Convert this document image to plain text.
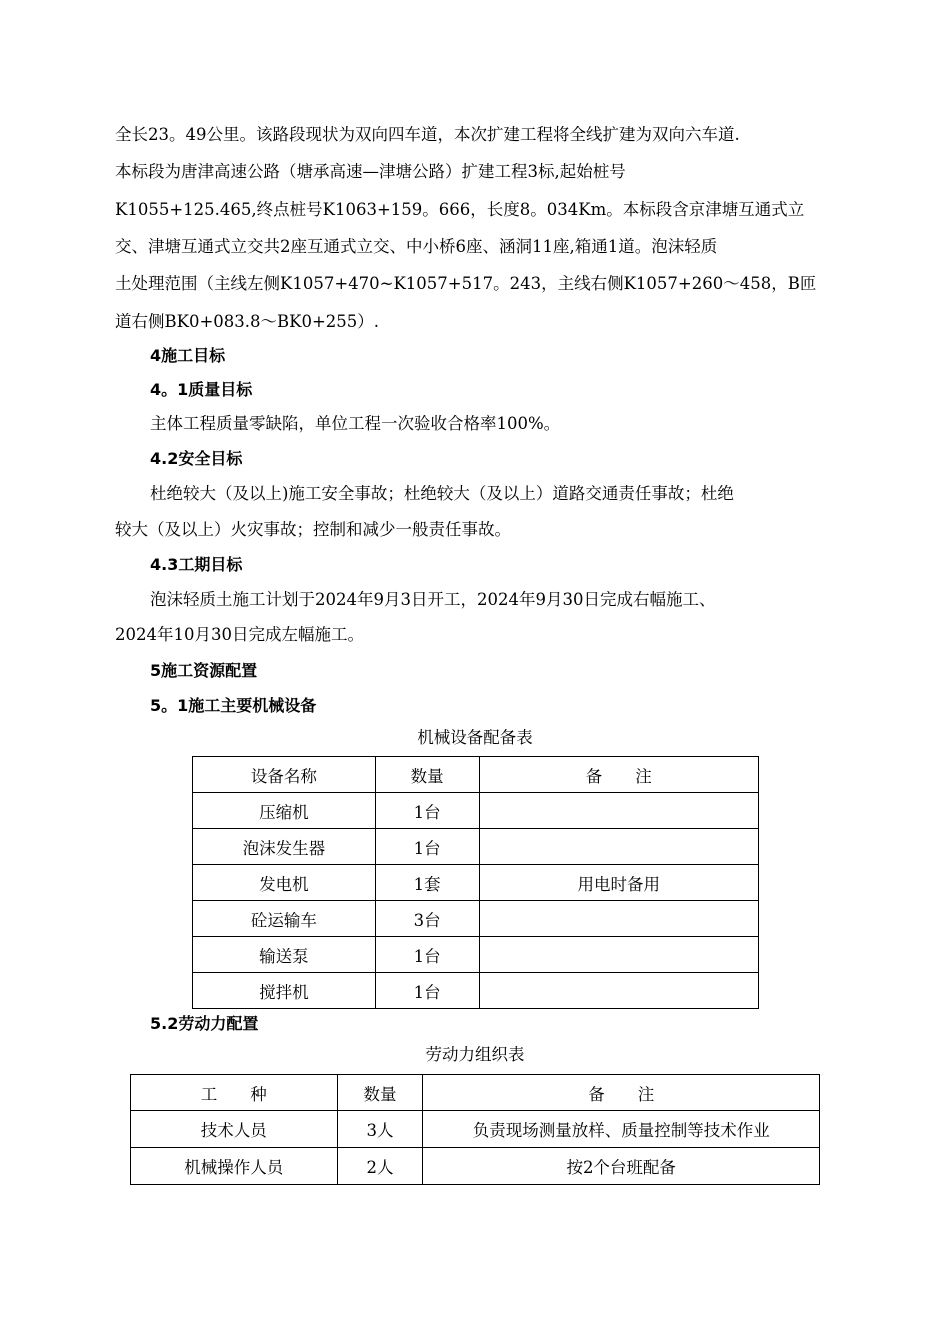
全长23。49公里。该路段现状为双向四车道，本次扩建工程将全线扩建为双向六车道.
本标段为唐津高速公路（塘承高速—津塘公路）扩建工程3标,起始桩号
K1055+125.465,终点桩号K1063+159。666，长度8。034Km。本标段含京津塘互通式立
交、津塘互通式立交共2座互通式立交、中小桥6座、涵洞11座,箱通1道。泡沫轻质
土处理范围（主线左侧K1057+470~K1057+517。243，主线右侧K1057+260～458，B匝
道右侧BK0+083.8～BK0+255）.
4施工目标
4。1质量目标
主体工程质量零缺陷，单位工程一次验收合格率100%。
4.2安全目标
杜绝较大（及以上)施工安全事故；杜绝较大（及以上）道路交通责任事故；杜绝
较大（及以上）火灾事故；控制和减少一般责任事故。
4.3工期目标
泡沫轻质土施工计划于2024年9月3日开工，2024年9月30日完成右幅施工、
2024年10月30日完成左幅施工。
5施工资源配置
5。1施工主要机械设备
机械设备配备表
设备名称	数量	备　　注
压缩机	1台	
泡沫发生器	1台	
发电机	1套	用电时备用
砼运输车	3台	
输送泵	1台	
搅拌机	1台	
5.2劳动力配置
劳动力组织表
工　　种	数量	备　　注
技术人员	3人	负责现场测量放样、质量控制等技术作业
机械操作人员	2人	按2个台班配备
